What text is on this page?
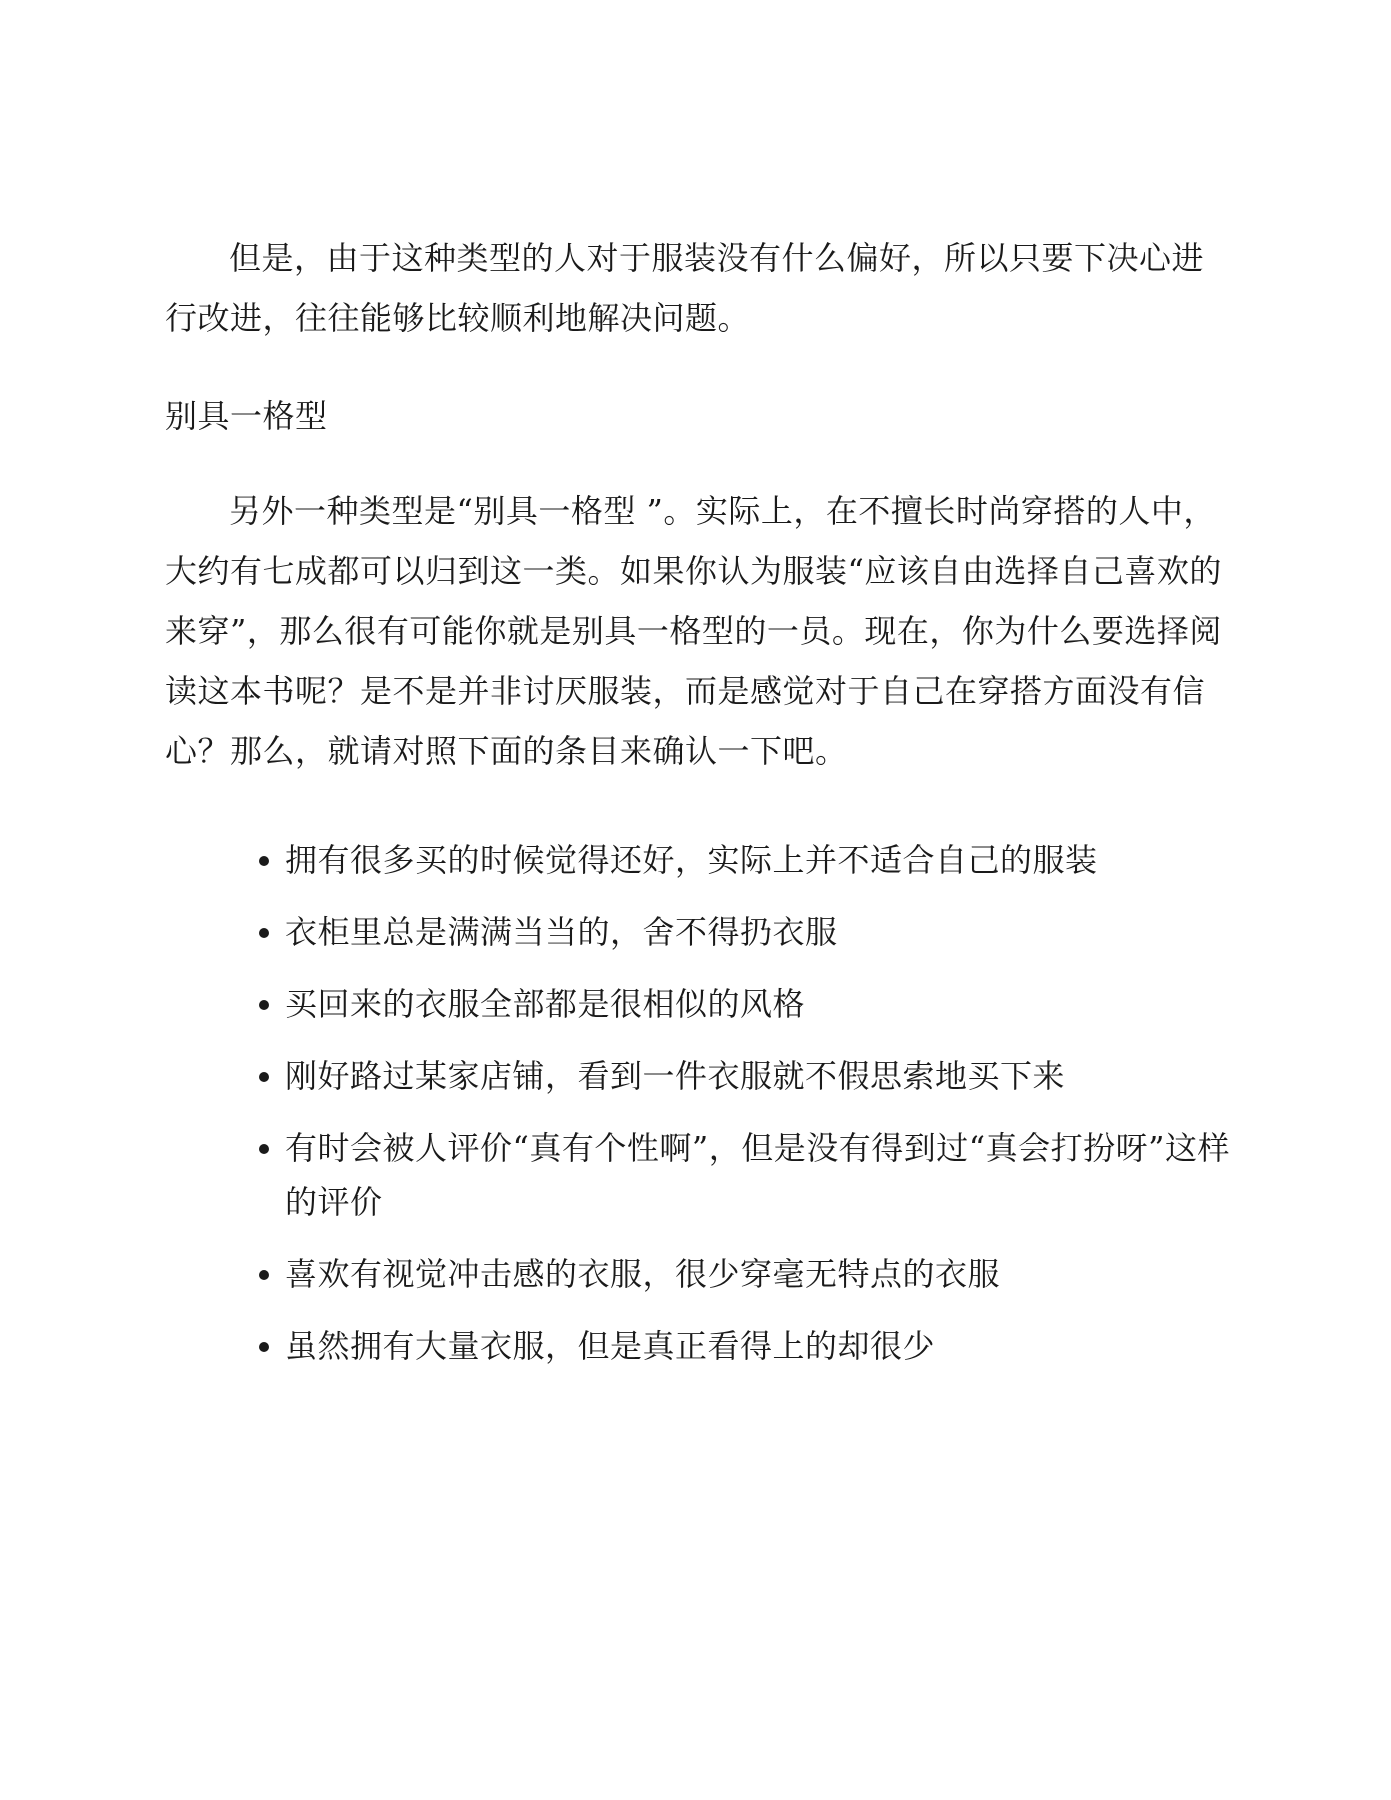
但是，由于这种类型的人对于服装没有什么偏好，所以只要下决心进行改进，往往能够比较顺利地解决问题。

别具一格型

另外一种类型是“别具一格型 ”。实际上，在不擅长时尚穿搭的人中，大约有七成都可以归到这一类。如果你认为服装“应该自由选择自己喜欢的来穿”，那么很有可能你就是别具一格型的一员。现在，你为什么要选择阅读这本书呢？是不是并非讨厌服装，而是感觉对于自己在穿搭方面没有信心？那么，就请对照下面的条目来确认一下吧。

拥有很多买的时候觉得还好，实际上并不适合自己的服装
衣柜里总是满满当当的，舍不得扔衣服
买回来的衣服全部都是很相似的风格
刚好路过某家店铺，看到一件衣服就不假思索地买下来
有时会被人评价“真有个性啊”，但是没有得到过“真会打扮呀”这样的评价
喜欢有视觉冲击感的衣服，很少穿毫无特点的衣服
虽然拥有大量衣服，但是真正看得上的却很少
